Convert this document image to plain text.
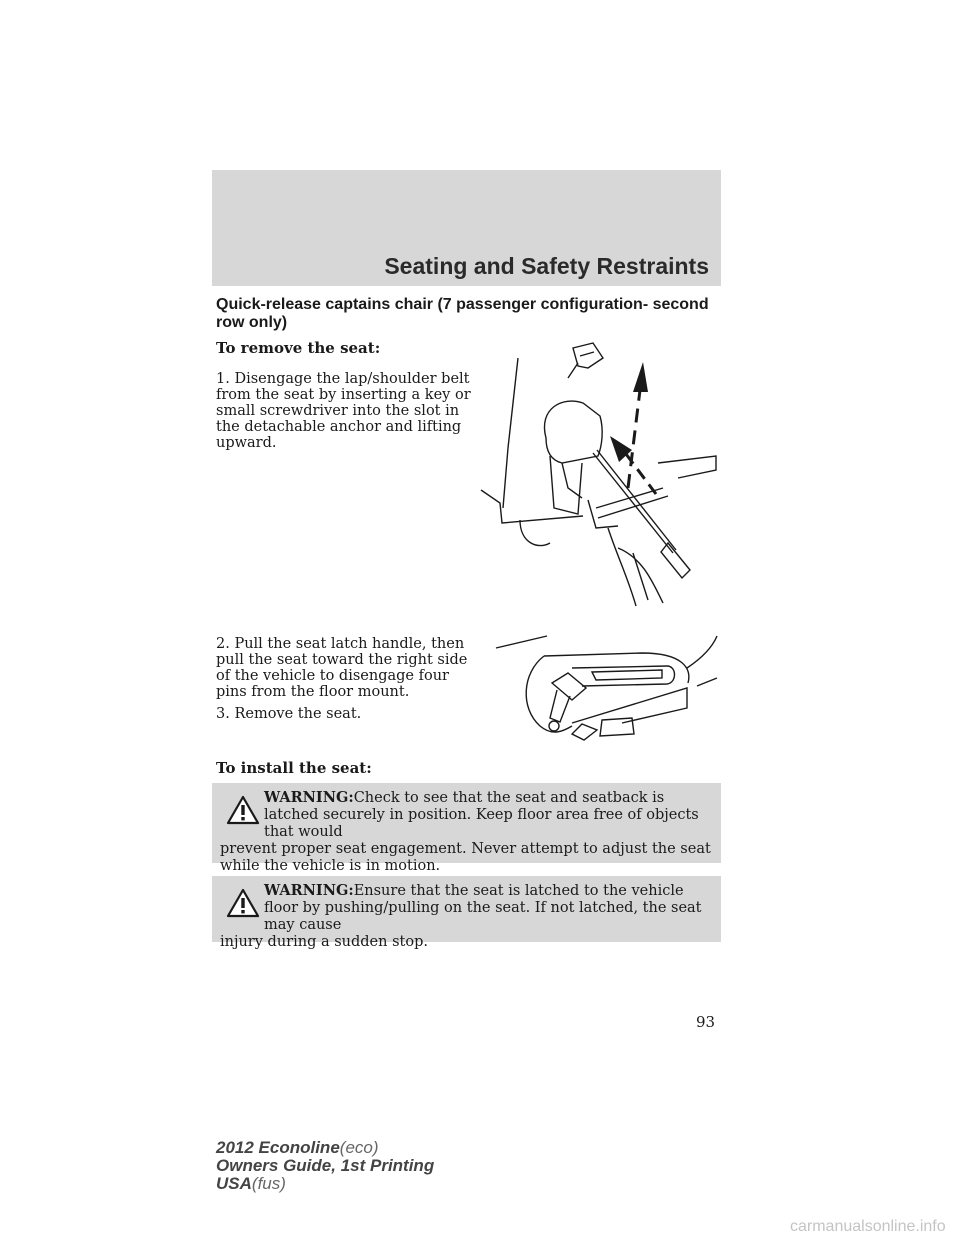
Seating and Safety Restraints
Quick-release captains chair (7 passenger configuration- second row only)
To remove the seat:
1. Disengage the lap/shoulder belt from the seat by inserting a key or small screwdriver into the slot in the detachable anchor and lifting upward.
2. Pull the seat latch handle, then pull the seat toward the right side of the vehicle to disengage four pins from the floor mount.
3. Remove the seat.
To install the seat:
WARNING:Check to see that the seat and seatback is latched securely in position. Keep floor area free of objects that would
prevent proper seat engagement. Never attempt to adjust the seat while the vehicle is in motion.
WARNING:Ensure that the seat is latched to the vehicle floor by pushing/pulling on the seat. If not latched, the seat may cause
injury during a sudden stop.
93
2012 Econoline(eco)
Owners Guide, 1st Printing
USA(fus)
carmanualsonline.info
